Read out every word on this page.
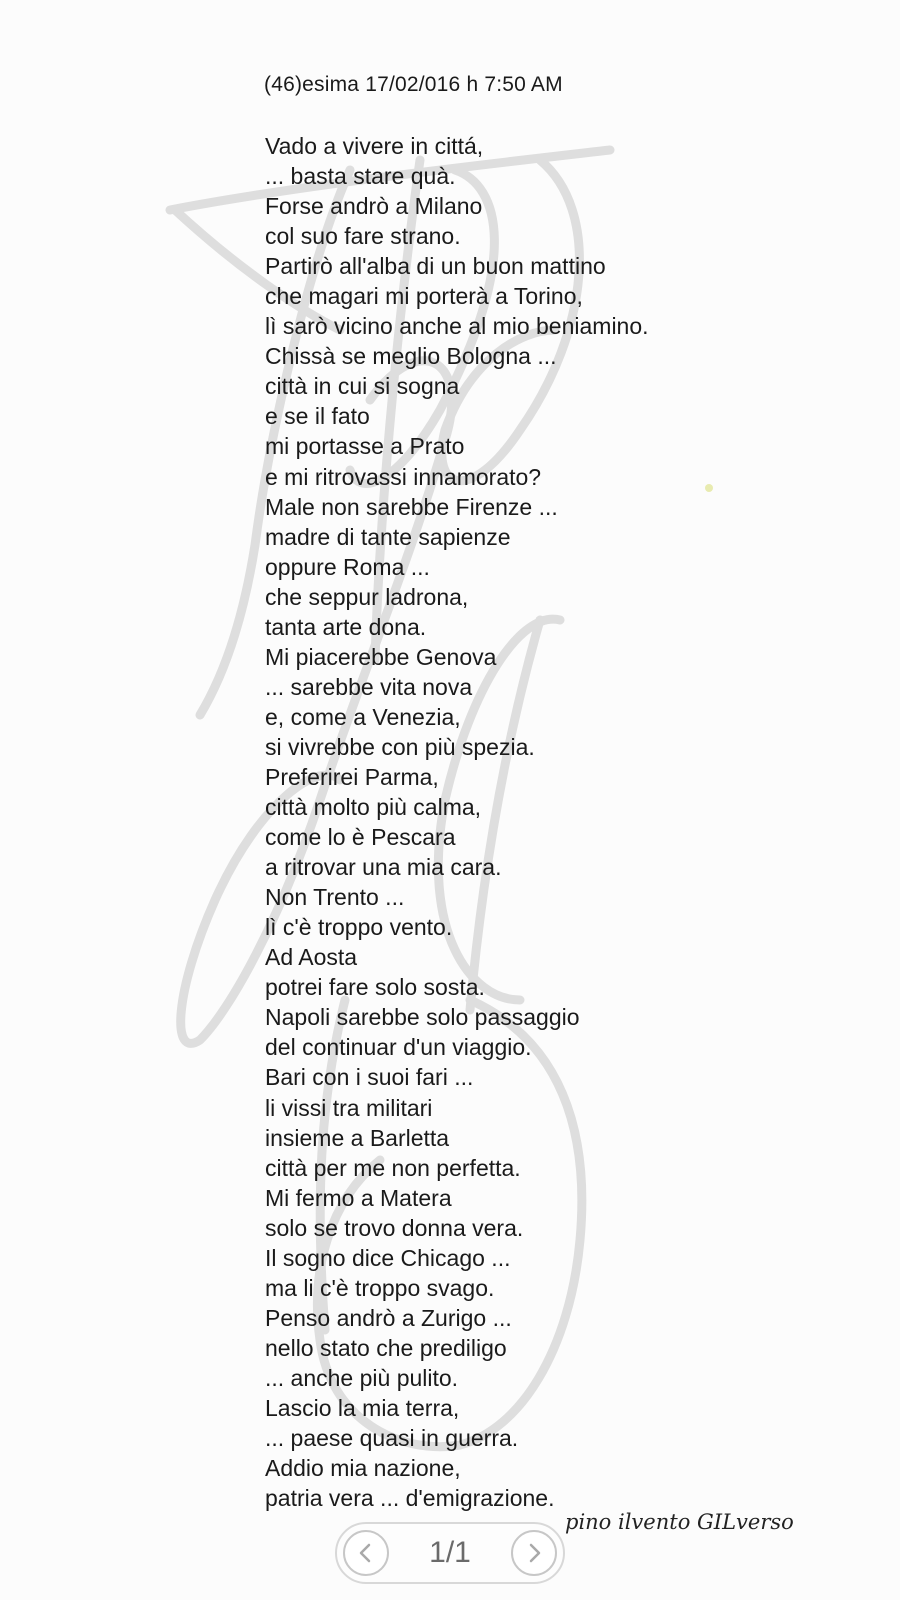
(46)esima 17/02/016 h 7:50 AM
Vado a vivere in cittá,
... basta stare quà.
Forse andrò a Milano
col suo fare strano.
Partirò all'alba di un buon mattino
che magari mi porterà a Torino,
lì sarò vicino anche al mio beniamino.
Chissà se meglio Bologna ...
città in cui si sogna
e se il fato
mi portasse a Prato
e mi ritrovassi innamorato?
Male non sarebbe Firenze ...
madre di tante sapienze
oppure Roma ...
che seppur ladrona,
tanta arte dona.
Mi piacerebbe Genova
... sarebbe vita nova
e, come a Venezia,
si vivrebbe con più spezia.
Preferirei Parma,
città molto più calma,
come lo è Pescara
a ritrovar una mia cara.
Non Trento ...
lì c'è troppo vento.
Ad Aosta
potrei fare solo sosta.
Napoli sarebbe solo passaggio
del continuar d'un viaggio.
Bari con i suoi fari ...
li vissi tra militari
insieme a Barletta
città per me non perfetta.
Mi fermo a Matera
solo se trovo donna vera.
Il sogno dice Chicago ...
ma li c'è troppo svago.
Penso andrò a Zurigo ...
nello stato che prediligo
... anche più pulito.
Lascio la mia terra,
... paese quasi in guerra.
Addio mia nazione,
patria vera ... d'emigrazione.
pino ilvento GILverso
1/1
